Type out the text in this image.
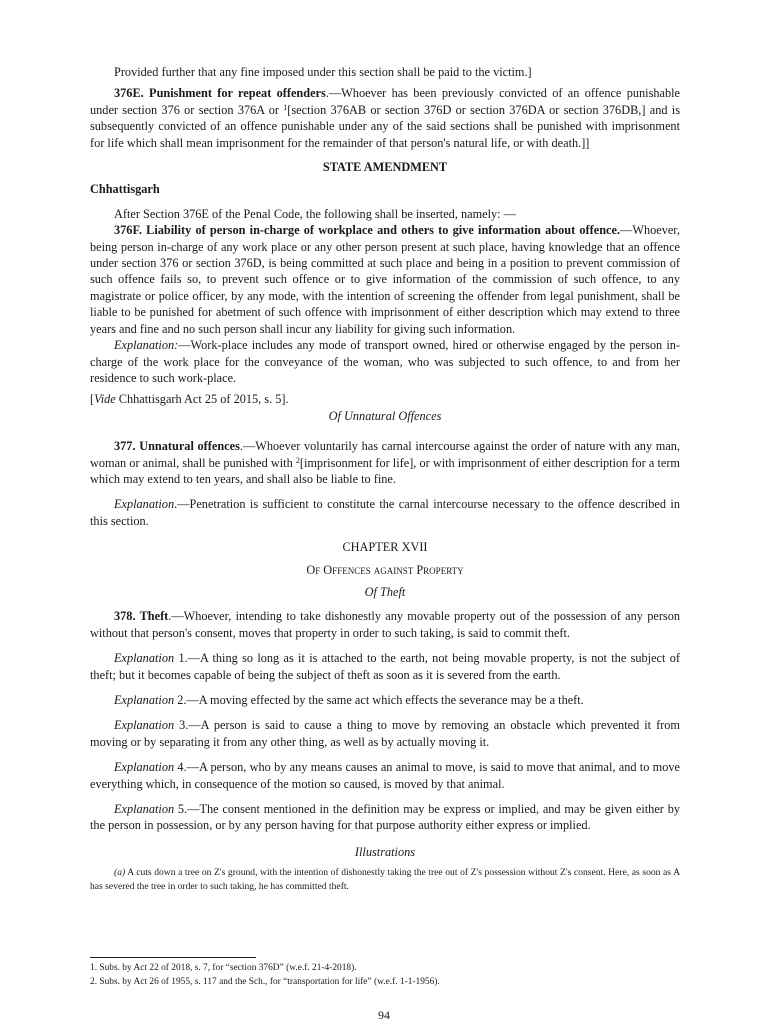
Provided further that any fine imposed under this section shall be paid to the victim.]

376E. Punishment for repeat offenders.—Whoever has been previously convicted of an offence punishable under section 376 or section 376A or $^1$[section 376AB or section 376D or section 376DA or section 376DB,] and is subsequently convicted of an offence punishable under any of the said sections shall be punished with imprisonment for life which shall mean imprisonment for the remainder of that person's natural life, or with death.]]

STATE AMENDMENT
Chhattisgarh

After Section 376E of the Penal Code, the following shall be inserted, namely: —

376F. Liability of person in-charge of workplace and others to give information about offence.—Whoever, being person in-charge of any work place or any other person present at such place, having knowledge that an offence under section 376 or section 376D, is being committed at such place and being in a position to prevent commission of such offence fails so, to prevent such offence or to give information of the commission of such offence, to any magistrate or police officer, by any mode, with the intention of screening the offender from legal punishment, shall be liable to be punished for abetment of such offence with imprisonment of either description which may extend to three years and fine and no such person shall incur any liability for giving such information.

Explanation:—Work-place includes any mode of transport owned, hired or otherwise engaged by the person in-charge of the work place for the conveyance of the woman, who was subjected to such offence, to and from her residence to such work-place.

[Vide Chhattisgarh Act 25 of 2015, s. 5].

Of Unnatural Offences

377. Unnatural offences.—Whoever voluntarily has carnal intercourse against the order of nature with any man, woman or animal, shall be punished with $^2$[imprisonment for life], or with imprisonment of either description for a term which may extend to ten years, and shall also be liable to fine.

Explanation.—Penetration is sufficient to constitute the carnal intercourse necessary to the offence described in this section.

CHAPTER XVII
Of Offences against Property
Of Theft

378. Theft.—Whoever, intending to take dishonestly any movable property out of the possession of any person without that person's consent, moves that property in order to such taking, is said to commit theft.

Explanation 1.—A thing so long as it is attached to the earth, not being movable property, is not the subject of theft; but it becomes capable of being the subject of theft as soon as it is severed from the earth.

Explanation 2.—A moving effected by the same act which effects the severance may be a theft.

Explanation 3.—A person is said to cause a thing to move by removing an obstacle which prevented it from moving or by separating it from any other thing, as well as by actually moving it.

Explanation 4.—A person, who by any means causes an animal to move, is said to move that animal, and to move everything which, in consequence of the motion so caused, is moved by that animal.

Explanation 5.—The consent mentioned in the definition may be express or implied, and may be given either by the person in possession, or by any person having for that purpose authority either express or implied.

Illustrations

(a) A cuts down a tree on Z's ground, with the intention of dishonestly taking the tree out of Z's possession without Z's consent. Here, as soon as A has severed the tree in order to such taking, he has committed theft.

1. Subs. by Act 22 of 2018, s. 7, for “section 376D” (w.e.f. 21-4-2018).
2. Subs. by Act 26 of 1955, s. 117 and the Sch., for “transportation for life” (w.e.f. 1-1-1956).
94
